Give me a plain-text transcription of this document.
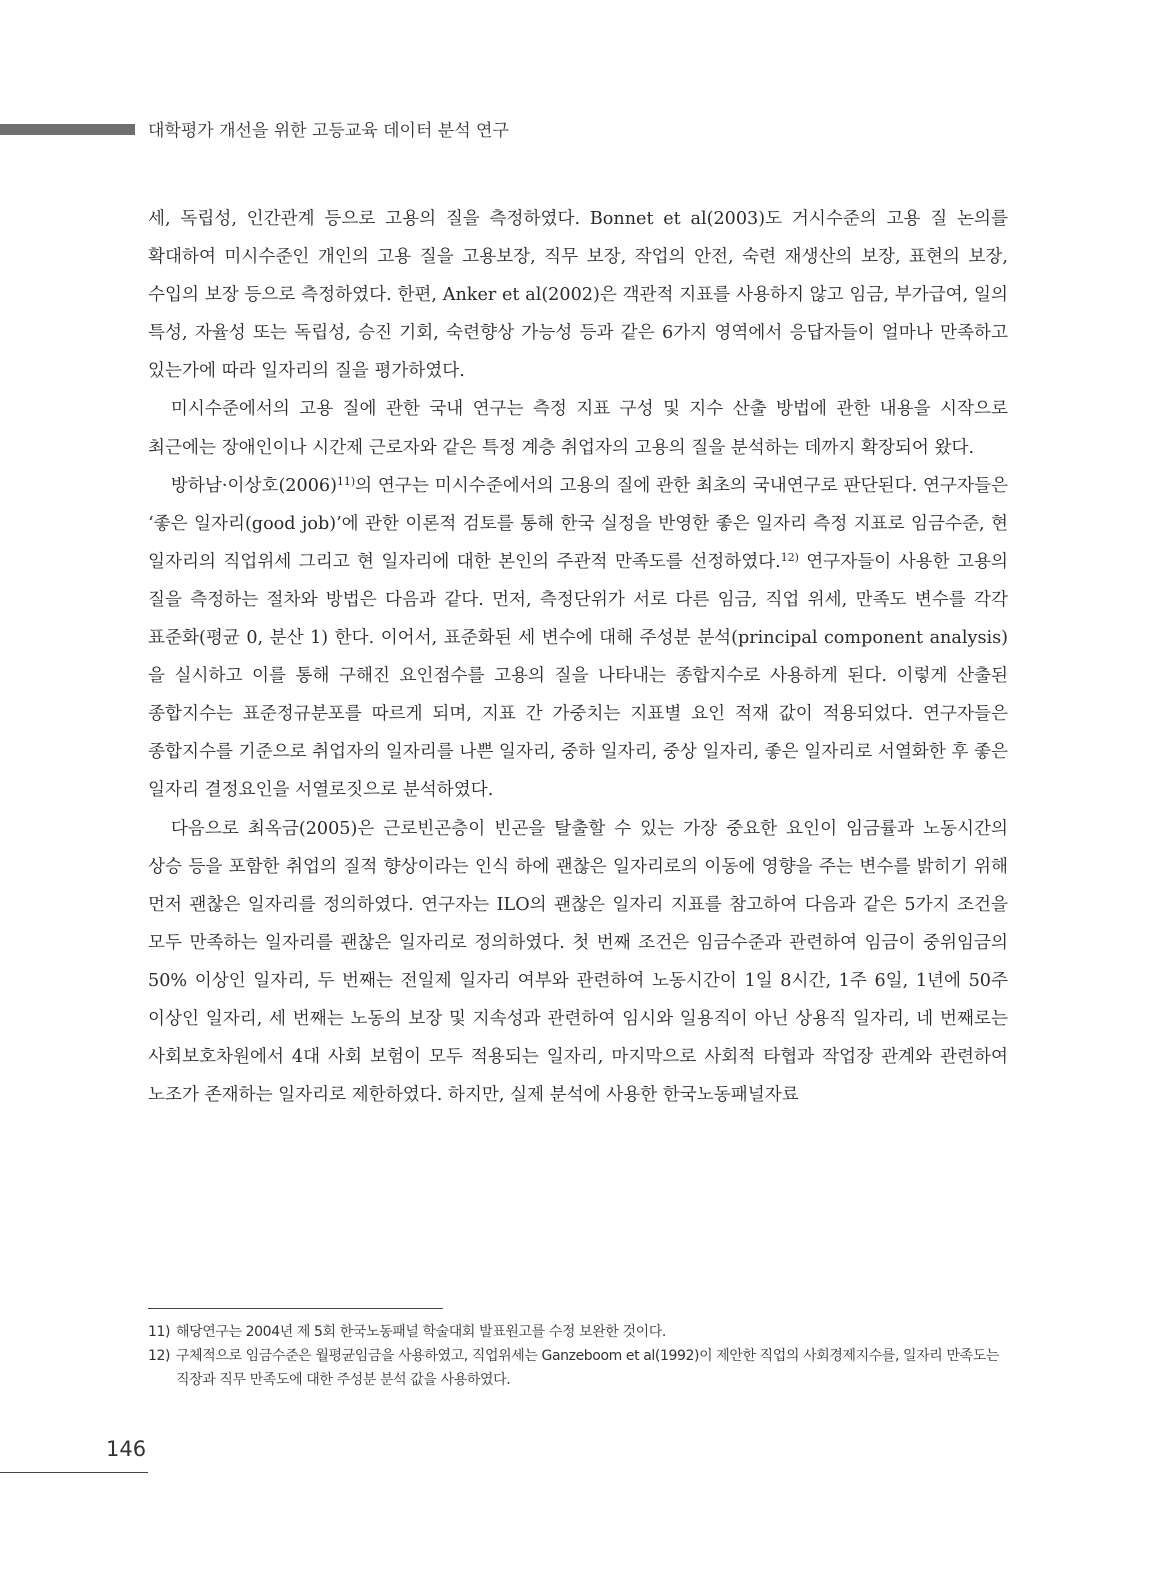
대학평가 개선을 위한 고등교육 데이터 분석 연구

세, 독립성, 인간관계 등으로 고용의 질을 측정하였다. Bonnet et al(2003)도 거시수준의 고용 질 논의를 확대하여 미시수준인 개인의 고용 질을 고용보장, 직무 보장, 작업의 안전, 숙련 재생산의 보장, 표현의 보장, 수입의 보장 등으로 측정하였다. 한편, Anker et al(2002)은 객관적 지표를 사용하지 않고 임금, 부가급여, 일의 특성, 자율성 또는 독립성, 승진 기회, 숙련향상 가능성 등과 같은 6가지 영역에서 응답자들이 얼마나 만족하고 있는가에 따라 일자리의 질을 평가하였다.

미시수준에서의 고용 질에 관한 국내 연구는 측정 지표 구성 및 지수 산출 방법에 관한 내용을 시작으로 최근에는 장애인이나 시간제 근로자와 같은 특정 계층 취업자의 고용의 질을 분석하는 데까지 확장되어 왔다.

방하남·이상호$(2006)^{11)}$의 연구는 미시수준에서의 고용의 질에 관한 최초의 국내연구로 판단된다. 연구자들은 ‘좋은 일자리(good job)’에 관한 이론적 검토를 통해 한국 실정을 반영한 좋은 일자리 측정 지표로 임금수준, 현 일자리의 직업위세 그리고 현 일자리에 대한 본인의 주관적 만족도를 선정하였다.$^{12)}$ 연구자들이 사용한 고용의 질을 측정하는 절차와 방법은 다음과 같다. 먼저, 측정단위가 서로 다른 임금, 직업 위세, 만족도 변수를 각각 표준화(평균 0, 분산 1) 한다. 이어서, 표준화된 세 변수에 대해 주성분 분석(principal component analysis)을 실시하고 이를 통해 구해진 요인점수를 고용의 질을 나타내는 종합지수로 사용하게 된다. 이렇게 산출된 종합지수는 표준정규분포를 따르게 되며, 지표 간 가중치는 지표별 요인 적재 값이 적용되었다. 연구자들은 종합지수를 기준으로 취업자의 일자리를 나쁜 일자리, 중하 일자리, 중상 일자리, 좋은 일자리로 서열화한 후 좋은 일자리 결정요인을 서열로짓으로 분석하였다.

다음으로 최옥금(2005)은 근로빈곤층이 빈곤을 탈출할 수 있는 가장 중요한 요인이 임금률과 노동시간의 상승 등을 포함한 취업의 질적 향상이라는 인식 하에 괜찮은 일자리로의 이동에 영향을 주는 변수를 밝히기 위해 먼저 괜찮은 일자리를 정의하였다. 연구자는 ILO의 괜찮은 일자리 지표를 참고하여 다음과 같은 5가지 조건을 모두 만족하는 일자리를 괜찮은 일자리로 정의하였다. 첫 번째 조건은 임금수준과 관련하여 임금이 중위임금의 50% 이상인 일자리, 두 번째는 전일제 일자리 여부와 관련하여 노동시간이 1일 8시간, 1주 6일, 1년에 50주 이상인 일자리, 세 번째는 노동의 보장 및 지속성과 관련하여 임시와 일용직이 아닌 상용직 일자리, 네 번째로는 사회보호차원에서 4대 사회 보험이 모두 적용되는 일자리, 마지막으로 사회적 타협과 작업장 관계와 관련하여 노조가 존재하는 일자리로 제한하였다. 하지만, 실제 분석에 사용한 한국노동패널자료

11) 해당연구는 2004년 제 5회 한국노동패널 학술대회 발표원고를 수정 보완한 것이다.
12) 구체적으로 임금수준은 월평균임금을 사용하였고, 직업위세는 Ganzeboom et al(1992)이 제안한 직업의 사회경제지수를, 일자리 만족도는 직장과 직무 만족도에 대한 주성분 분석 값을 사용하였다.
146
